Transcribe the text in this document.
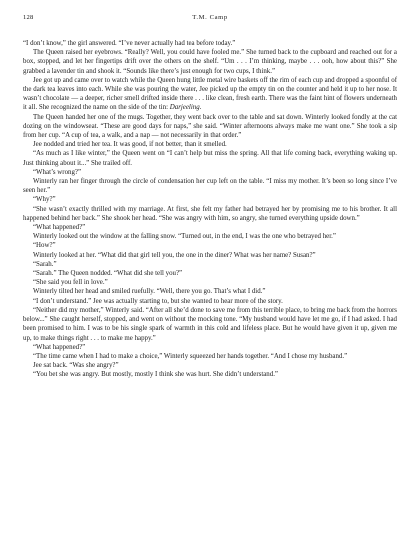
128	T.M. Camp

“I don’t know,” the girl answered. “I’ve never actually had tea before today.”

The Queen raised her eyebrows. “Really? Well, you could have fooled me.” She turned back to the cupboard and reached out for a box, stopped, and let her fingertips drift over the others on the shelf. “Um . . . I’m thinking, maybe . . . ooh, how about this?” She grabbed a lavender tin and shook it. “Sounds like there’s just enough for two cups, I think.”

Jee got up and came over to watch while the Queen hung little metal wire baskets off the rim of each cup and dropped a spoonful of the dark tea leaves into each. While she was pouring the water, Jee picked up the empty tin on the counter and held it up to her nose. It wasn’t chocolate — a deeper, richer smell drifted inside there . . . like clean, fresh earth. There was the faint hint of flowers underneath it all. She recognized the name on the side of the tin: Darjeeling.

The Queen handed her one of the mugs. Together, they went back over to the table and sat down. Winterly looked fondly at the cat dozing on the windowseat. “These are good days for naps,” she said. “Winter afternoons always make me want one.” She took a sip from her cup. “A cup of tea, a walk, and a nap — not necessarily in that order.”

Jee nodded and tried her tea. It was good, if not better, than it smelled.

“As much as I like winter,” the Queen went on “I can’t help but miss the spring. All that life coming back, everything waking up. Just thinking about it...” She trailed off.

“What’s wrong?”

Winterly ran her finger through the circle of condensation her cup left on the table. “I miss my mother. It’s been so long since I’ve seen her.”

“Why?”

“She wasn’t exactly thrilled with my marriage. At first, she felt my father had betrayed her by promising me to his brother. It all happened behind her back.” She shook her head. “She was angry with him, so angry, she turned everything upside down.”

“What happened?”

Winterly looked out the window at the falling snow. “Turned out, in the end, I was the one who betrayed her.”

“How?”

Winterly looked at her. “What did that girl tell you, the one in the diner? What was her name? Susan?”

“Sarah.”

“Sarah.” The Queen nodded. “What did she tell you?”

“She said you fell in love.”

Winterly tilted her head and smiled ruefully. “Well, there you go. That’s what I did.”

“I don’t understand.” Jee was actually starting to, but she wanted to hear more of the story.

“Neither did my mother,” Winterly said. “After all she’d done to save me from this terrible place, to bring me back from the horrors below...” She caught herself, stopped, and went on without the mocking tone. “My husband would have let me go, if I had asked. I had been promised to him. I was to be his single spark of warmth in this cold and lifeless place. But he would have given it up, given me up, to make things right . . . to make me happy.”

“What happened?”

“The time came when I had to make a choice,” Winterly squeezed her hands together. “And I chose my husband.”

Jee sat back. “Was she angry?”

“You bet she was angry. But mostly, mostly I think she was hurt. She didn’t understand.”
